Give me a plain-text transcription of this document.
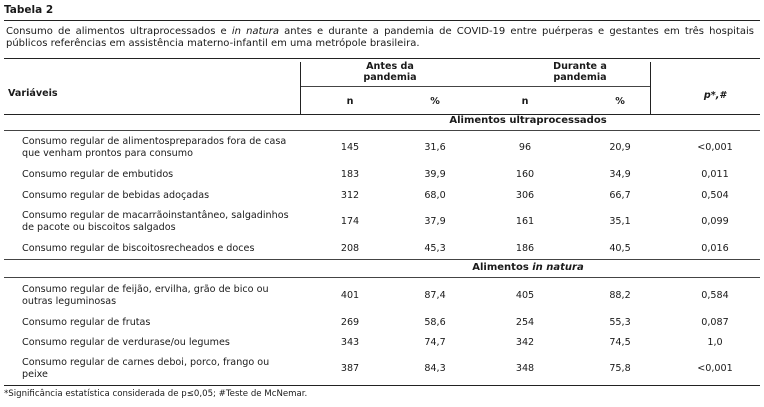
Tabela 2
Consumo de alimentos ultraprocessados e in natura antes e durante a pandemia de COVID-19 entre puérperas e gestantes em três hospitais públicos referências em assistência materno-infantil em uma metrópole brasileira.
Variáveis
Antes da pandemia
Durante a pandemia
n	%	n	%
p*,#
Alimentos ultraprocessados
Consumo regular de alimentospreparados fora de casa que venham prontos para consumo
145	31,6	96	20,9	<0,001
Consumo regular de embutidos	183	39,9	160	34,9	0,011
Consumo regular de bebidas adoçadas	312	68,0	306	66,7	0,504
Consumo regular de macarrãoinstantâneo, salgadinhos de pacote ou biscoitos salgados
174	37,9	161	35,1	0,099
Consumo regular de biscoitosrecheados e doces	208	45,3	186	40,5	0,016
Alimentos in natura
Consumo regular de feijão, ervilha, grão de bico ou outras leguminosas
401	87,4	405	88,2	0,584
Consumo regular de frutas	269	58,6	254	55,3	0,087
Consumo regular de verdurase/ou legumes	343	74,7	342	74,5	1,0
Consumo regular de carnes deboi, porco, frango ou peixe
387	84,3	348	75,8	<0,001
*Significância estatística considerada de p≤0,05; #Teste de McNemar.
